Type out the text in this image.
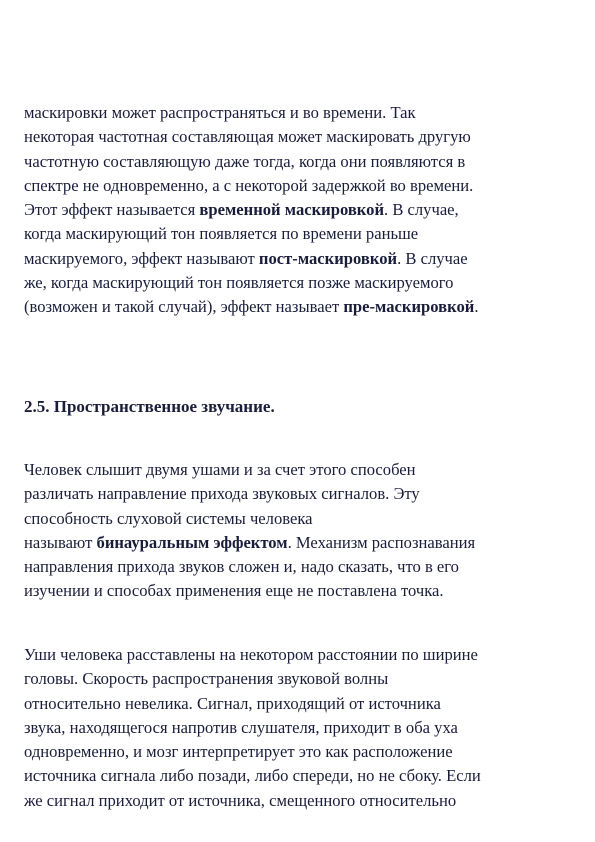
маскировки может распространяться и во времени. Так
некоторая частотная составляющая может маскировать другую
частотную составляющую даже тогда, когда они появляются в
спектре не одновременно, а с некоторой задержкой во времени.
Этот эффект называется временной маскировкой. В случае,
когда маскирующий тон появляется по времени раньше
маскируемого, эффект называют пост-маскировкой. В случае
же, когда маскирующий тон появляется позже маскируемого
(возможен и такой случай), эффект называет пре-маскировкой.

2.5. Пространственное звучание.

Человек слышит двумя ушами и за счет этого способен
различать направление прихода звуковых сигналов. Эту
способность слуховой системы человека
называют бинауральным эффектом. Механизм распознавания
направления прихода звуков сложен и, надо сказать, что в его
изучении и способах применения еще не поставлена точка.

Уши человека расставлены на некотором расстоянии по ширине
головы. Скорость распространения звуковой волны
относительно невелика. Сигнал, приходящий от источника
звука, находящегося напротив слушателя, приходит в оба уха
одновременно, и мозг интерпретирует это как расположение
источника сигнала либо позади, либо спереди, но не сбоку. Если
же сигнал приходит от источника, смещенного относительно
